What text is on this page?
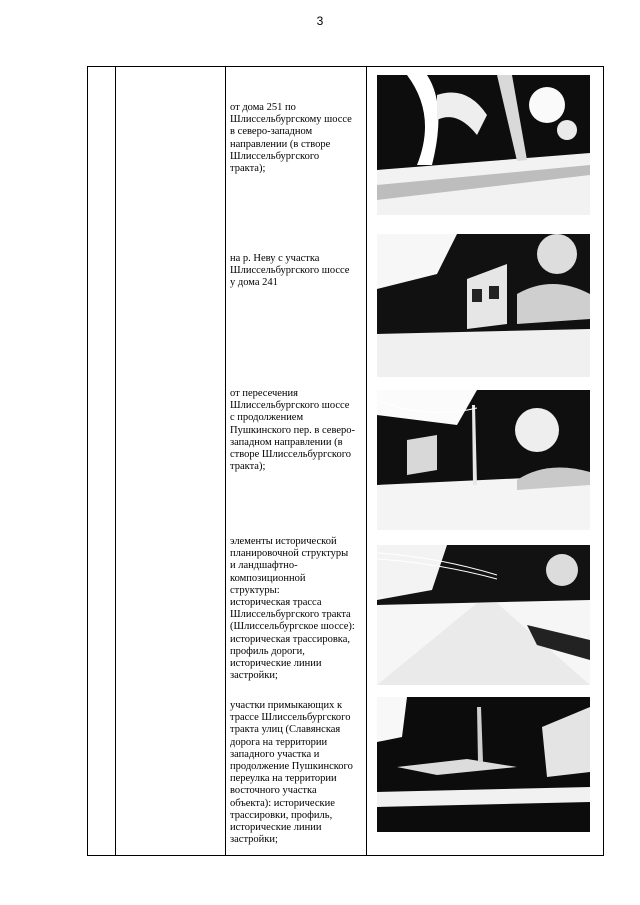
3
от дома 251 по
Шлиссельбургскому шоссе
в северо-западном
направлении (в створе
Шлиссельбургского
тракта);
на р. Неву с участка
Шлиссельбургского шоссе
у дома 241
от пересечения
Шлиссельбургского шоссе
с продолжением
Пушкинского пер. в северо-
западном направлении (в
створе Шлиссельбургского
тракта);
элементы исторической
планировочной структуры
и ландшафтно-
композиционной
структуры:
историческая трасса
Шлиссельбургского тракта
(Шлиссельбургское шоссе):
историческая трассировка,
профиль дороги,
исторические линии
застройки;
участки примыкающих к
трассе Шлиссельбургского
тракта улиц (Славянская
дорога на территории
западного участка и
продолжение Пушкинского
переулка на территории
восточного участка
объекта): исторические
трассировки, профиль,
исторические линии
застройки;
